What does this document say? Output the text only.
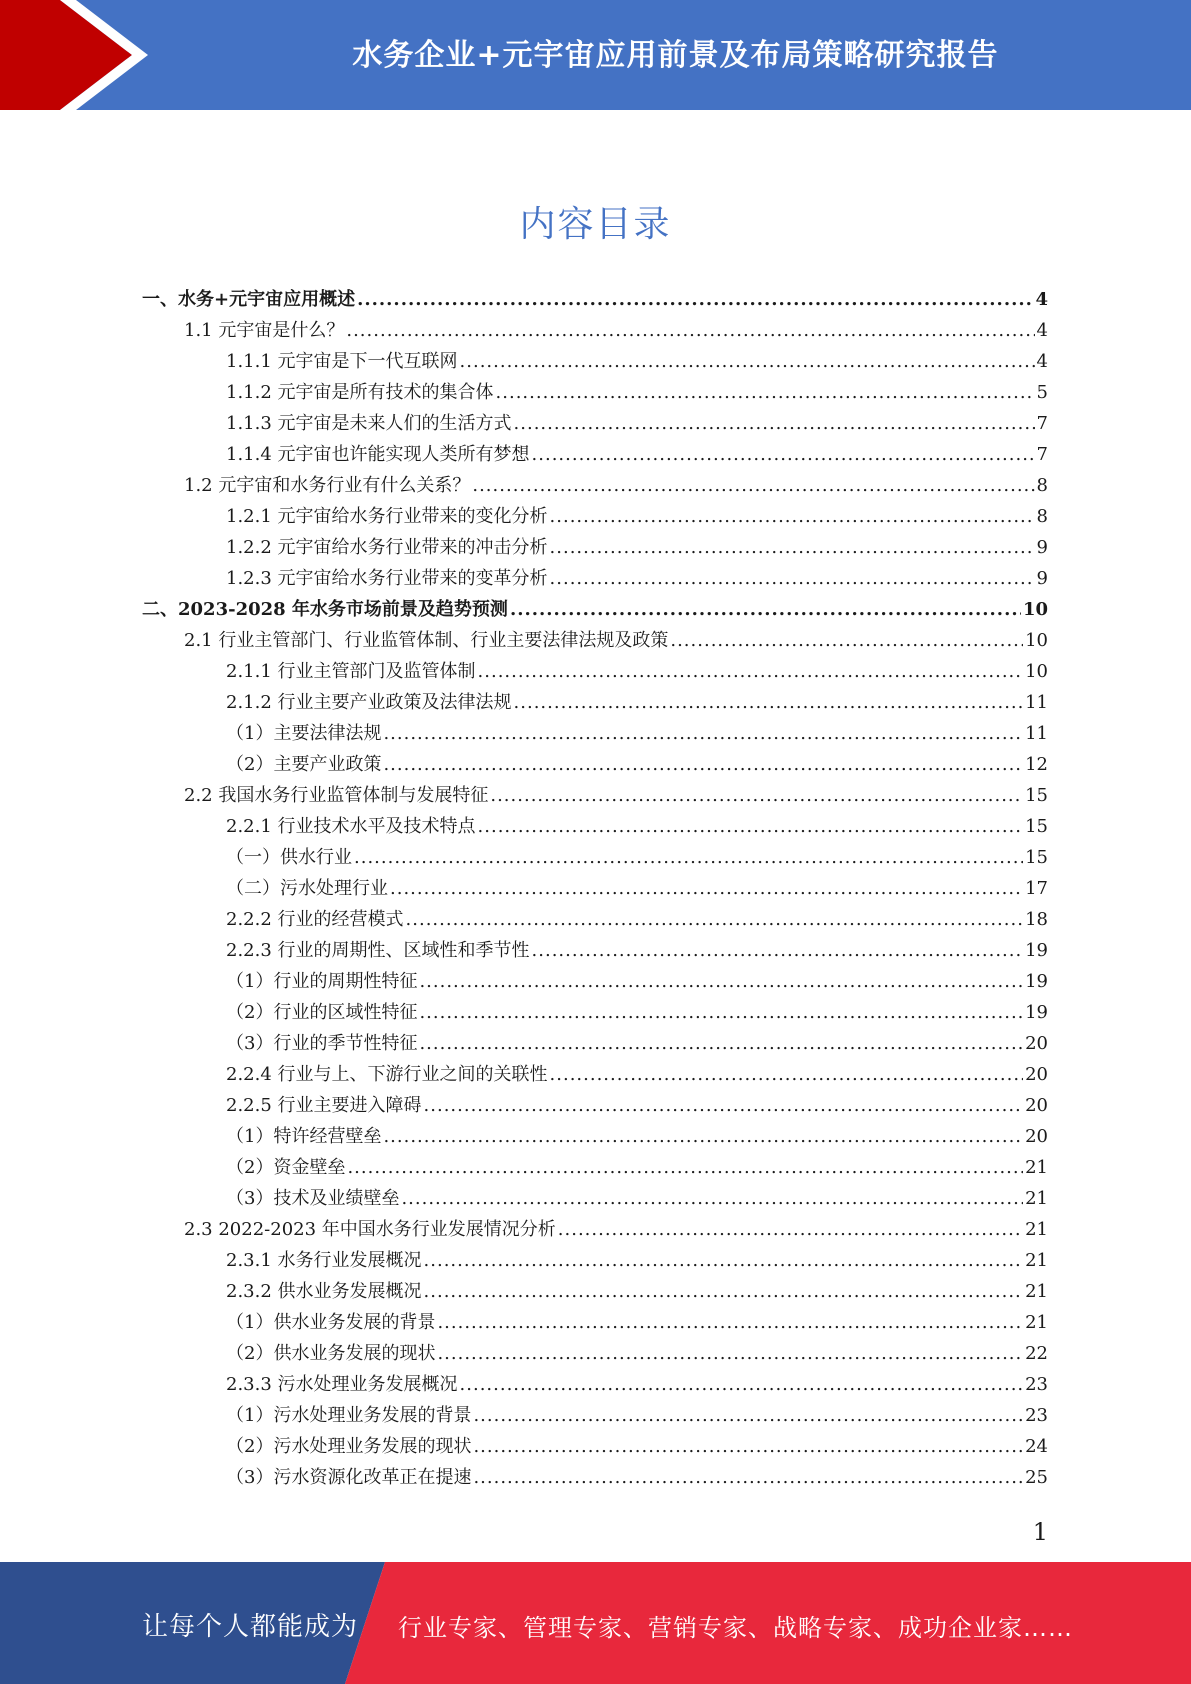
水务企业+元宇宙应用前景及布局策略研究报告
内容目录
一、水务+元宇宙应用概述 .....	4
1.1 元宇宙是什么？ .....	4
1.1.1 元宇宙是下一代互联网 .....	4
1.1.2 元宇宙是所有技术的集合体 .....	5
1.1.3 元宇宙是未来人们的生活方式 .....	7
1.1.4 元宇宙也许能实现人类所有梦想 .....	7
1.2 元宇宙和水务行业有什么关系？ .....	8
1.2.1 元宇宙给水务行业带来的变化分析 .....	8
1.2.2 元宇宙给水务行业带来的冲击分析 .....	9
1.2.3 元宇宙给水务行业带来的变革分析 .....	9
二、2023-2028 年水务市场前景及趋势预测 .....	10
2.1 行业主管部门、行业监管体制、行业主要法律法规及政策 .....	10
2.1.1 行业主管部门及监管体制 .....	10
2.1.2 行业主要产业政策及法律法规 .....	11
（1）主要法律法规 .....	11
（2）主要产业政策 .....	12
2.2 我国水务行业监管体制与发展特征 .....	15
2.2.1 行业技术水平及技术特点 .....	15
（一）供水行业 .....	15
（二）污水处理行业 .....	17
2.2.2 行业的经营模式 .....	18
2.2.3 行业的周期性、区域性和季节性 .....	19
（1）行业的周期性特征 .....	19
（2）行业的区域性特征 .....	19
（3）行业的季节性特征 .....	20
2.2.4 行业与上、下游行业之间的关联性 .....	20
2.2.5 行业主要进入障碍 .....	20
（1）特许经营壁垒 .....	20
（2）资金壁垒 .....	21
（3）技术及业绩壁垒 .....	21
2.3 2022-2023 年中国水务行业发展情况分析 .....	21
2.3.1 水务行业发展概况 .....	21
2.3.2 供水业务发展概况 .....	21
（1）供水业务发展的背景 .....	21
（2）供水业务发展的现状 .....	22
2.3.3 污水处理业务发展概况 .....	23
（1）污水处理业务发展的背景 .....	23
（2）污水处理业务发展的现状 .....	24
（3）污水资源化改革正在提速 .....	25
1
让每个人都能成为 行业专家、管理专家、营销专家、战略专家、成功企业家……
